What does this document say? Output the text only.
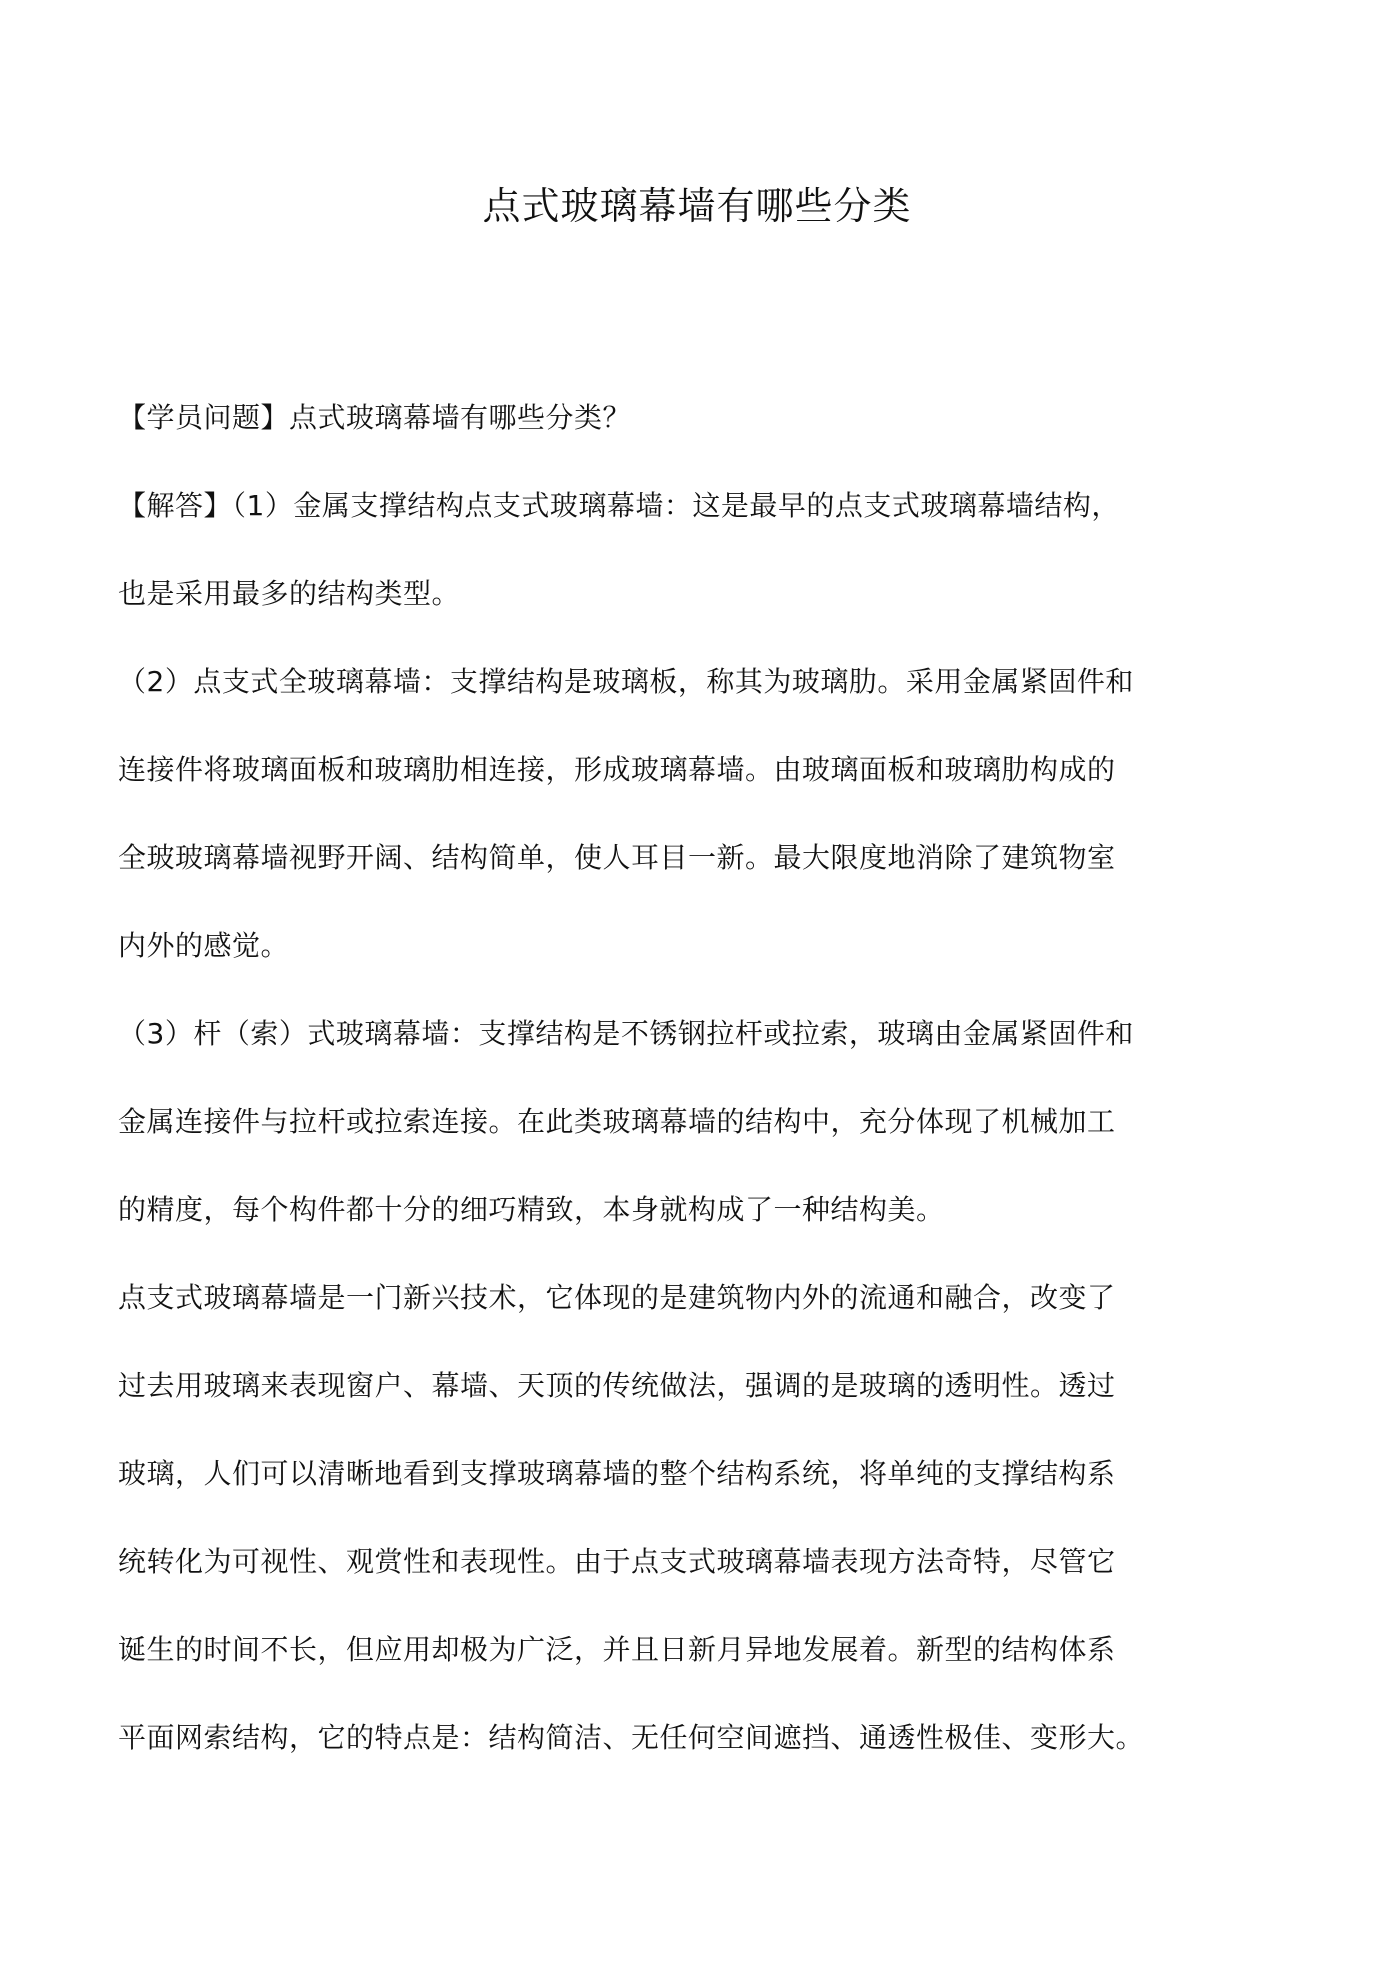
点式玻璃幕墙有哪些分类
【学员问题】点式玻璃幕墙有哪些分类？
【解答】（1）金属支撑结构点支式玻璃幕墙：这是最早的点支式玻璃幕墙结构，
也是采用最多的结构类型。
（2）点支式全玻璃幕墙：支撑结构是玻璃板，称其为玻璃肋。采用金属紧固件和
连接件将玻璃面板和玻璃肋相连接，形成玻璃幕墙。由玻璃面板和玻璃肋构成的
全玻玻璃幕墙视野开阔、结构简单，使人耳目一新。最大限度地消除了建筑物室
内外的感觉。
（3）杆（索）式玻璃幕墙：支撑结构是不锈钢拉杆或拉索，玻璃由金属紧固件和
金属连接件与拉杆或拉索连接。在此类玻璃幕墙的结构中，充分体现了机械加工
的精度，每个构件都十分的细巧精致，本身就构成了一种结构美。
点支式玻璃幕墙是一门新兴技术，它体现的是建筑物内外的流通和融合，改变了
过去用玻璃来表现窗户、幕墙、天顶的传统做法，强调的是玻璃的透明性。透过
玻璃，人们可以清晰地看到支撑玻璃幕墙的整个结构系统，将单纯的支撑结构系
统转化为可视性、观赏性和表现性。由于点支式玻璃幕墙表现方法奇特，尽管它
诞生的时间不长，但应用却极为广泛，并且日新月异地发展着。新型的结构体系
平面网索结构，它的特点是：结构简洁、无任何空间遮挡、通透性极佳、变形大。
